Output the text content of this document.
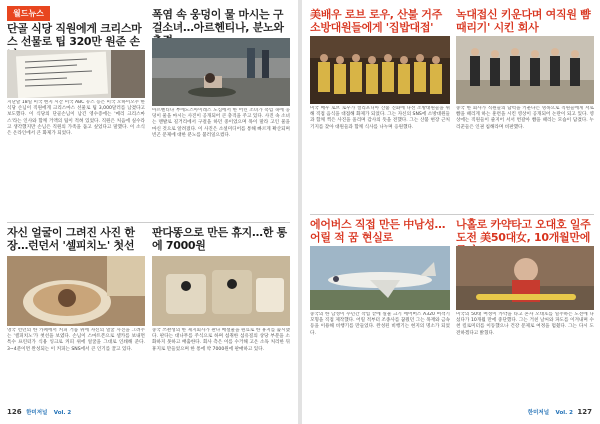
월드뉴스
단골 식당 직원에게 크리스마스 선물로 팁 320만 원준 손
지난달 18일 미국 현지 시간 미국 ABC 뉴스 등은 미국 오하이오주 한 식당 손님이 직원에게 크리스마스 선물로 팁 3,000달러를 남겼다고 보도했다. 이 식당의 단골손님이 남긴 영수증에는 '메리 크리스마스'라는 인사와 함께 거액의 팁이 적혀 있었다. 직원은 처음에 실수라고 생각했지만 손님은 직원의 가족을 돕고 싶었다고 말했다. 이 소식은 온라인에서 큰 화제가 되었다.
폭염 속 웅덩이 물 마시는 구걸소녀…아르헨티나, 분노와
아르헨티나 부에노스아이레스 도심에서 한 어린 소녀가 폭염 속에 웅덩이 물을 마시는 사진이 공개되어 큰 충격을 주고 있다. 사진 속 소녀는 맨발로 길거리에서 구걸을 하던 중이었으며 목이 말라 고인 물을 마신 것으로 알려졌다. 이 사진은 소셜미디어를 통해 빠르게 확산되며 빈곤 문제에 대한 분노를 불러일으켰다.
자신 얼굴이 그려진 사진 한장…런던서 '셀피치노' 첫선
영국 런던의 한 카페에서 커피 거품 위에 자신의 얼굴 사진을 그려주는 '셀피치노'가 첫선을 보였다. 손님이 스마트폰으로 셀카를 보내면 특수 프린터가 식용 잉크로 커피 위에 얼굴을 그대로 인쇄해 준다. 3~4분이면 완성되는 이 커피는 SNS에서 큰 인기를 끌고 있다.
판다똥으로 만든 휴지…한 통에 7000원
중국 쓰촨성의 한 제지회사가 판다 배설물을 원료로 한 휴지를 출시했다. 판다는 대나무를 주식으로 하며 섭취한 섬유질의 상당 부분을 소화하지 못하고 배출한다. 회사 측은 이를 수거해 고온 소독 처리한 뒤 휴지로 만들었으며 한 통에 약 7000원에 판매하고 있다.
126 한미저널 Vol. 2
美배우 로브 로우, 산불 거주 소방대원들에게 '집밥대접'
미국 배우 로브 로우가 캘리포니아 산불 진화에 나선 소방대원들을 위해 직접 음식을 대접해 화제가 되었다. 그는 자신의 SNS에 소방대원들과 함께 찍은 사진을 올리며 감사의 뜻을 전했다. 그는 산불 현장 근처 기지를 찾아 대원들과 함께 식사를 나누며 응원했다.
녹대접신 키운다며 여직원 뺨때리기' 시킨 회사
중국 한 회사가 직원들의 담력을 키운다는 명목으로 직원들에게 서로 뺨을 때리게 하는 훈련을 시킨 영상이 공개되어 논란이 되고 있다. 영상에는 직원들이 줄지어 서서 번갈아 뺨을 때리는 모습이 담겼다. 누리꾼들은 인권 침해라며 비판했다.
에어버스 직접 만든 中남성…어릴 적 꿈 현실로
중국의 한 남성이 수년간 작업 끝에 실물 크기 에어버스 A320 여객기 모형을 직접 제작했다. 어릴 적부터 조종사를 꿈꿨던 그는 목재와 금속 등을 이용해 비행기를 만들었다. 완성된 비행기는 현지의 명소가 되었다.
나홀로 카약타고 오대호 일주도전 美50대女, 10개월만에
미국의 50대 여성이 카약을 타고 혼자 오대호를 일주하는 도전에 나섰다가 10개월 만에 중단했다. 그는 거친 날씨와 파도를 이겨내며 수천 킬로미터를 이동했으나 건강 문제로 여정을 멈췄다. 그는 다시 도전하겠다고 밝혔다.
한미저널 Vol. 2 127
